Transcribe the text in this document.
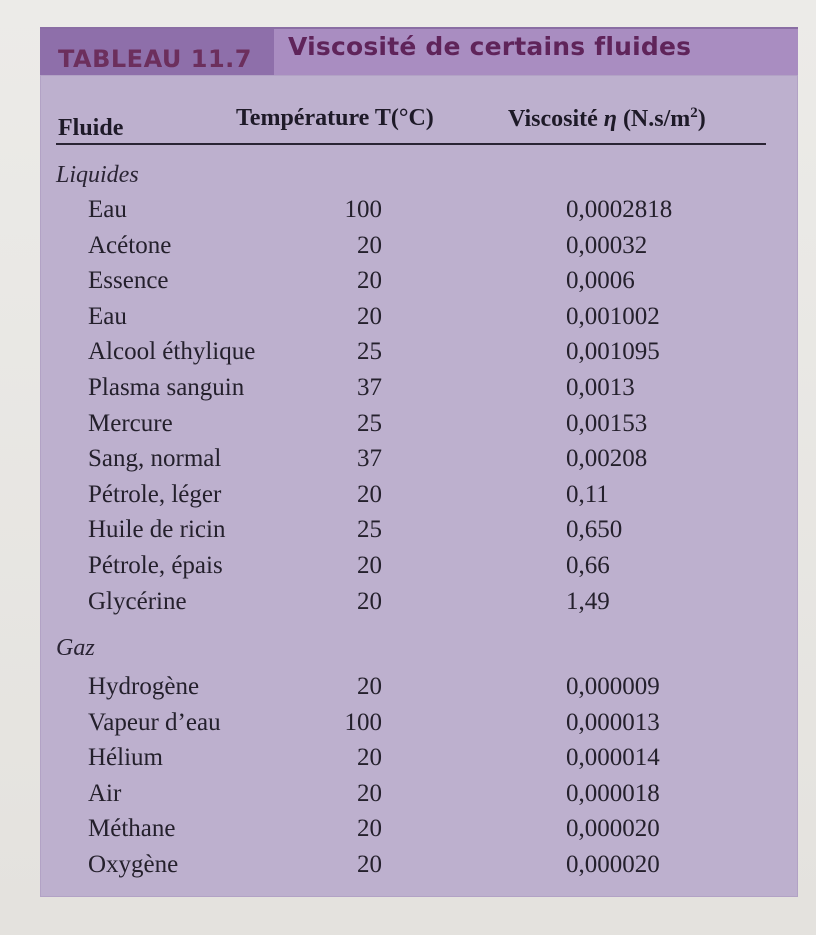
TABLEAU 11.7 Viscosité de certains fluides
Fluide	Température T(°C)	Viscosité η $(N.s/m^2)$
Liquides
Eau	100	0,0002818
Acétone	20	0,00032
Essence	20	0,0006
Eau	20	0,001002
Alcool éthylique	25	0,001095
Plasma sanguin	37	0,0013
Mercure	25	0,00153
Sang, normal	37	0,00208
Pétrole, léger	20	0,11
Huile de ricin	25	0,650
Pétrole, épais	20	0,66
Glycérine	20	1,49
Gaz
Hydrogène	20	0,000009
Vapeur d’eau	100	0,000013
Hélium	20	0,000014
Air	20	0,000018
Méthane	20	0,000020
Oxygène	20	0,000020
